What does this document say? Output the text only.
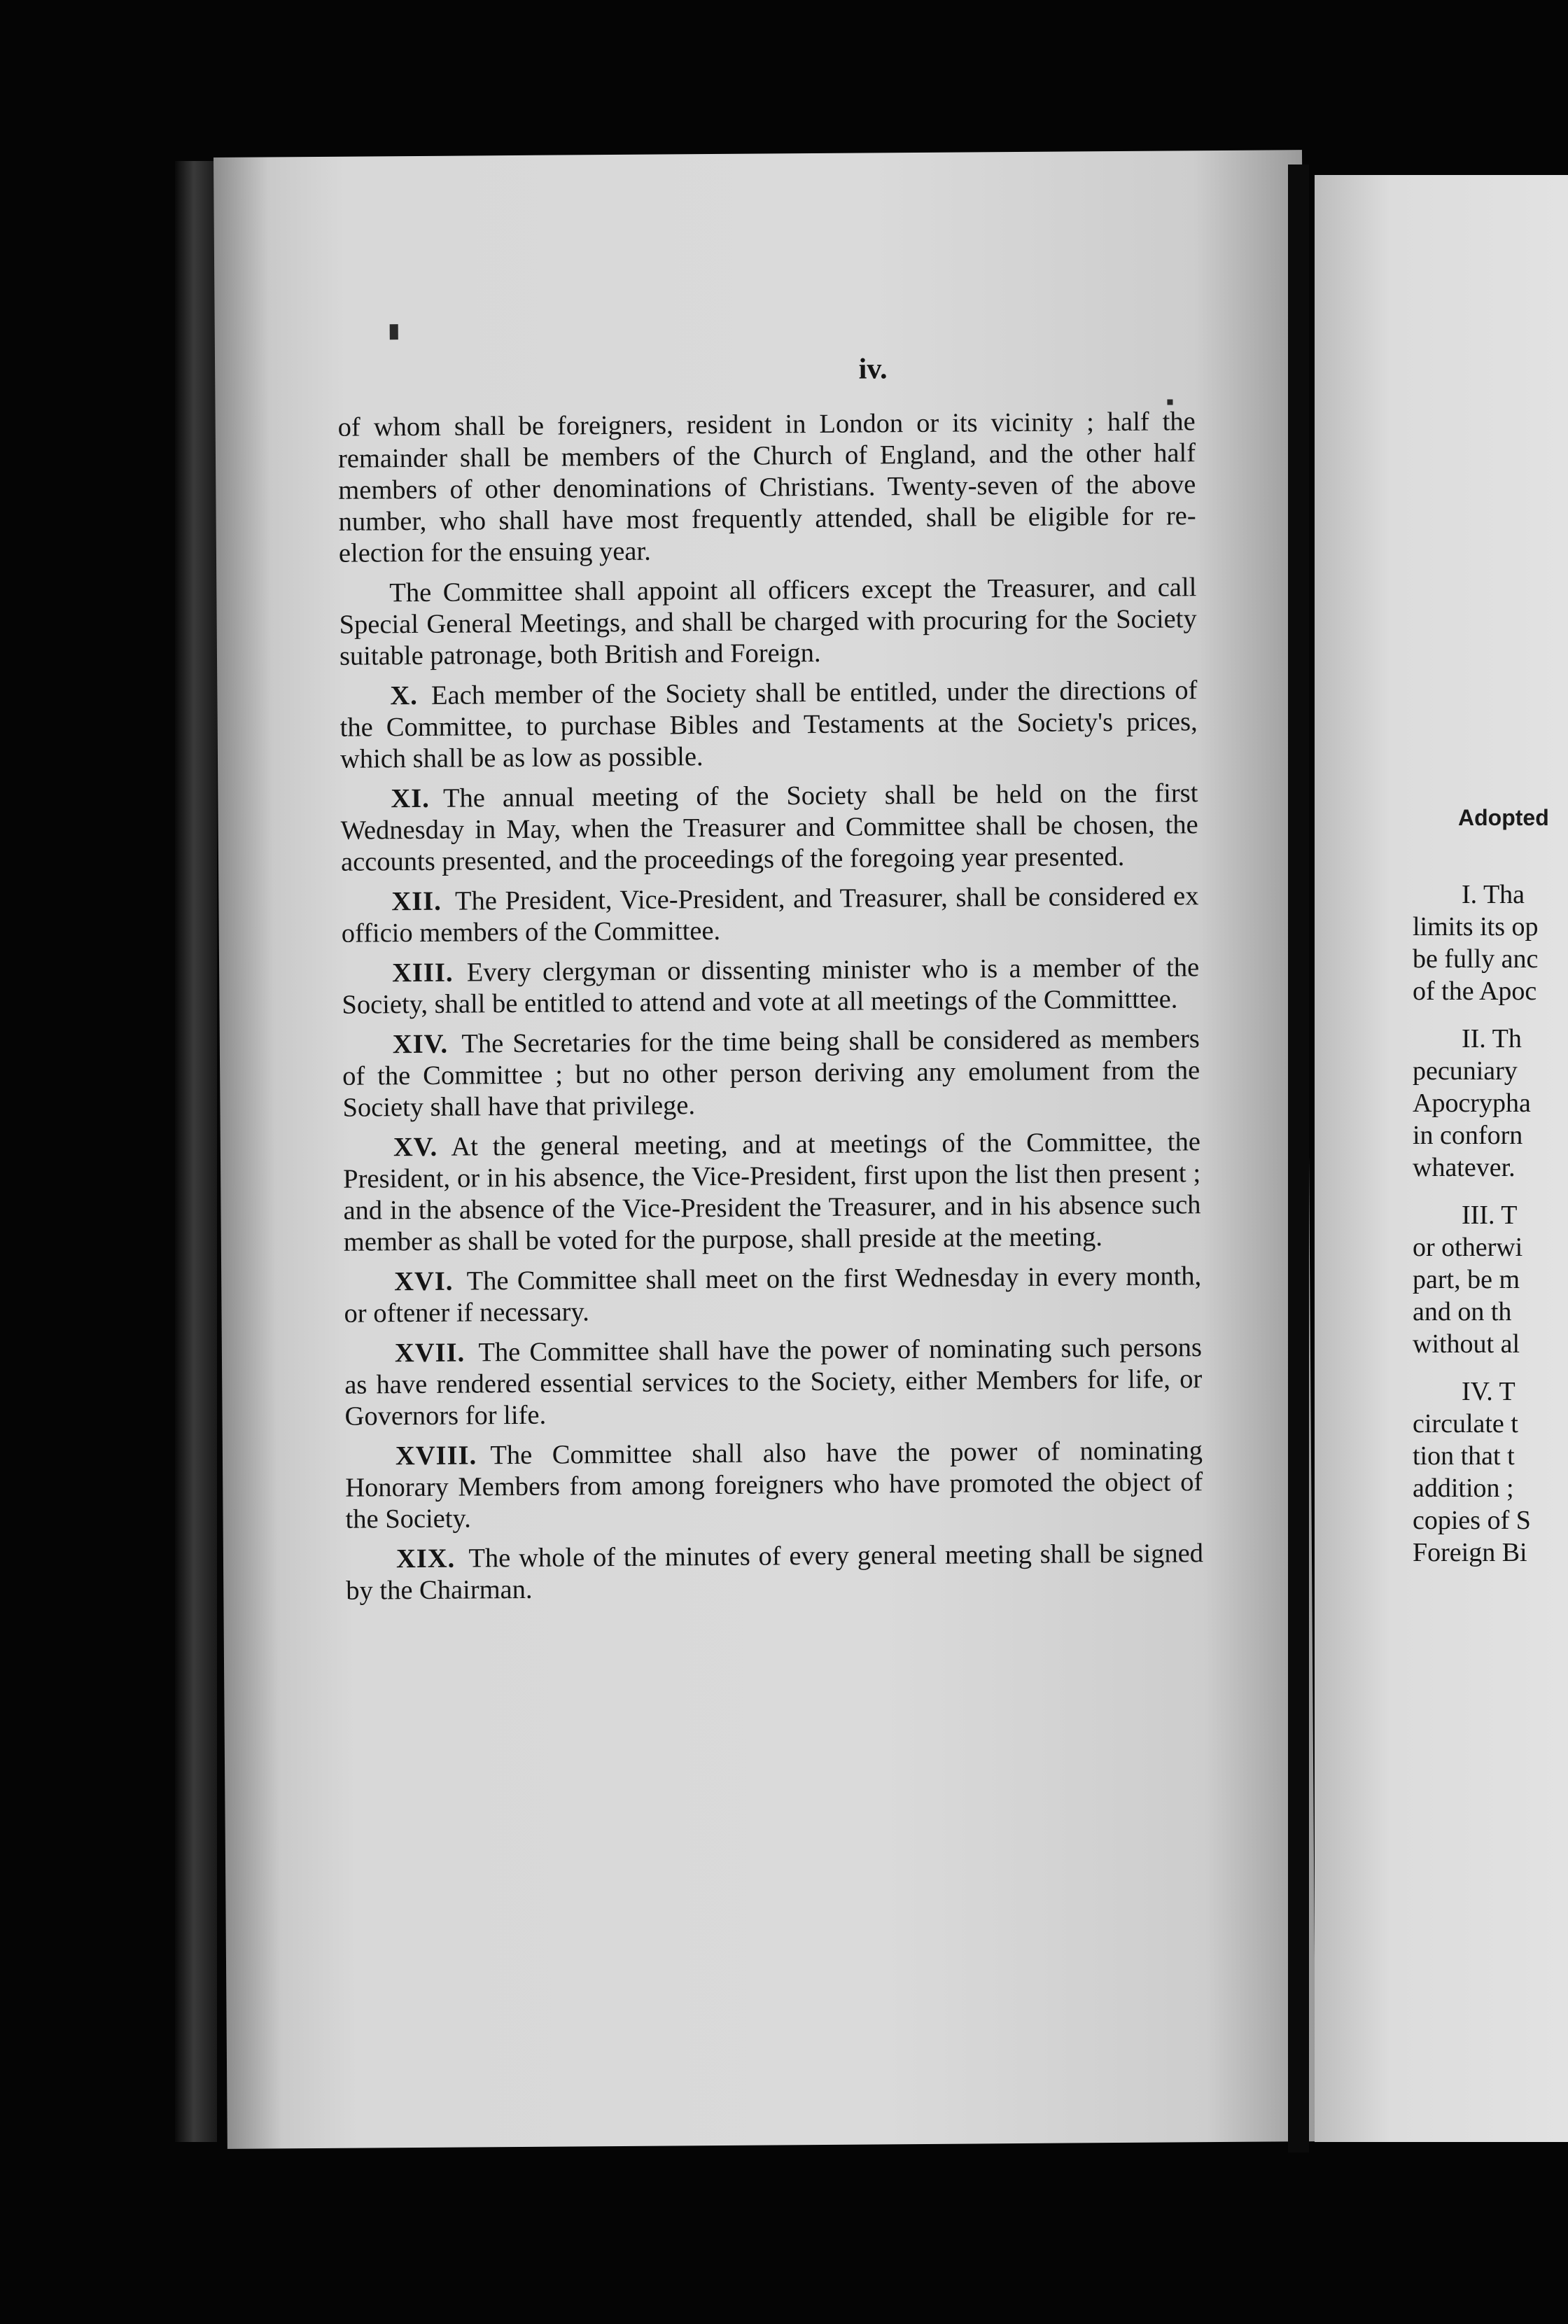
iv.

of whom shall be foreigners, resident in London or its vicinity ; half the remainder shall be members of the Church of England, and the other half members of other denominations of Christians. Twenty-seven of the above number, who shall have most frequently attended, shall be eligible for re-election for the ensuing year.

The Committee shall appoint all officers except the Treasurer, and call Special General Meetings, and shall be charged with procuring for the Society suitable patronage, both British and Foreign.

X.  Each member of the Society shall be entitled, under the directions of the Committee, to purchase Bibles and Testaments at the Society's prices, which shall be as low as possible.

XI.  The annual meeting of the Society shall be held on the first Wednesday in May, when the Treasurer and Committee shall be chosen, the accounts presented, and the proceedings of the foregoing year presented.

XII.  The President, Vice-President, and Treasurer, shall be considered ex officio members of the Committee.

XIII.  Every clergyman or dissenting minister who is a member of the Society, shall be entitled to attend and vote at all meetings of the Committtee.

XIV.  The Secretaries for the time being shall be considered as members of the Committee ; but no other person deriving any emolument from the Society shall have that privilege.

XV.  At the general meeting, and at meetings of the Committee, the President, or in his absence, the Vice-President, first upon the list then present ; and in the absence of the Vice-President the Treasurer, and in his absence such member as shall be voted for the purpose, shall preside at the meeting.

XVI.  The Committee shall meet on the first Wednesday in every month, or oftener if necessary.

XVII.  The Committee shall have the power of nominating such persons as have rendered essential services to the Society, either Members for life, or Governors for life.

XVIII.  The Committee shall also have the power of nominating Honorary Members from among foreigners who have promoted the object of the Society.

XIX.  The whole of the minutes of every general meeting shall be signed by the Chairman.

Adopted

I. Tha

limits its op

be fully anc

of the Apoc

II. Th

pecuniary

Apocrypha

in conforn

whatever.

III. T

or otherwi

part, be m

and on th

without al

IV. T

circulate t

tion that t

addition ;

copies of S

Foreign Bi
